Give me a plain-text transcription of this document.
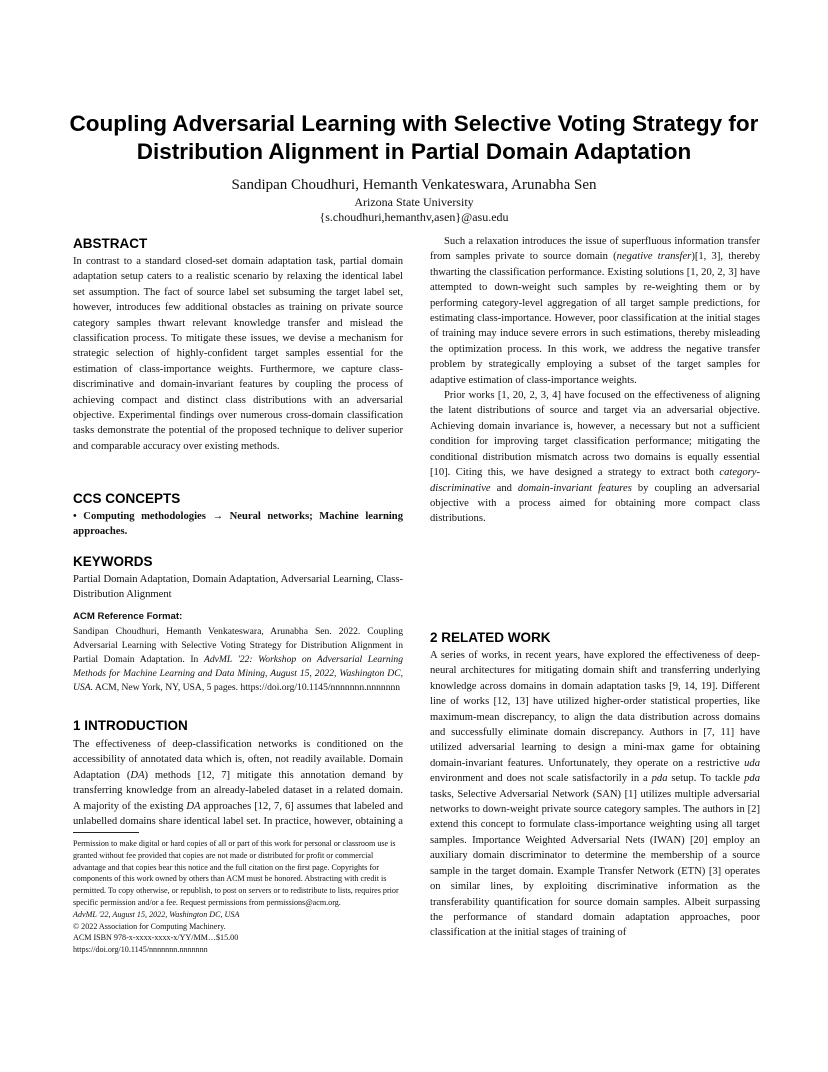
Coupling Adversarial Learning with Selective Voting Strategy for
Distribution Alignment in Partial Domain Adaptation
Sandipan Choudhuri, Hemanth Venkateswara, Arunabha Sen
Arizona State University
{s.choudhuri,hemanthv,asen}@asu.edu
ABSTRACT
In contrast to a standard closed-set domain adaptation task, partial domain adaptation setup caters to a realistic scenario by relaxing the identical label set assumption. The fact of source label set subsuming the target label set, however, introduces few additional obstacles as training on private source category samples thwart relevant knowledge transfer and mislead the classification process. To mitigate these issues, we devise a mechanism for strategic selection of highly-confident target samples essential for the estimation of class-importance weights. Furthermore, we capture class-discriminative and domain-invariant features by coupling the process of achieving compact and distinct class distributions with an adversarial objective. Experimental findings over numerous cross-domain classification tasks demonstrate the potential of the proposed technique to deliver superior and comparable accuracy over existing methods.
CCS CONCEPTS
• Computing methodologies → Neural networks; Machine learning approaches.
KEYWORDS
Partial Domain Adaptation, Domain Adaptation, Adversarial Learning, Class-Distribution Alignment
ACM Reference Format:
Sandipan Choudhuri, Hemanth Venkateswara, Arunabha Sen. 2022. Coupling Adversarial Learning with Selective Voting Strategy for Distribution Alignment in Partial Domain Adaptation. In AdvML '22: Workshop on Adversarial Learning Methods for Machine Learning and Data Mining, August 15, 2022, Washington DC, USA. ACM, New York, NY, USA, 5 pages. https://doi.org/10.1145/nnnnnnn.nnnnnnn
1 INTRODUCTION
The effectiveness of deep-classification networks is conditioned on the accessibility of annotated data which is, often, not readily available. Domain Adaptation (DA) methods [12, 7] mitigate this annotation demand by transferring knowledge from an already-labeled dataset in a related domain. A majority of the existing DA approaches [12, 7, 6] assumes that labeled and unlabelled domains share identical label set. In practice, however, obtaining a

Permission to make digital or hard copies of all or part of this work for personal or classroom use is granted without fee provided that copies are not made or distributed for profit or commercial advantage and that copies bear this notice and the full citation on the first page. Copyrights for components of this work owned by others than ACM must be honored. Abstracting with credit is permitted. To copy otherwise, or republish, to post on servers or to redistribute to lists, requires prior specific permission and/or a fee. Request permissions from permissions@acm.org.

AdvML '22, August 15, 2022, Washington DC, USA

© 2022 Association for Computing Machinery.

ACM ISBN 978-x-xxxx-xxxx-x/YY/MM…$15.00

https://doi.org/10.1145/nnnnnnn.nnnnnnn

Such a relaxation introduces the issue of superfluous information transfer from samples private to source domain (negative transfer)[1, 3], thereby thwarting the classification performance. Existing solutions [1, 20, 2, 3] have attempted to down-weight such samples by re-weighting them or by performing category-level aggregation of all target sample predictions, for estimating class-importance. However, poor classification at the initial stages of training may induce severe errors in such estimations, thereby misleading the optimization process. In this work, we address the negative transfer problem by strategically employing a subset of the target samples for adaptive estimation of class-importance weights.

Prior works [1, 20, 2, 3, 4] have focused on the effectiveness of aligning the latent distributions of source and target via an adversarial objective. Achieving domain invariance is, however, a necessary but not a sufficient condition for improving target classification performance; mitigating the conditional distribution mismatch across two domains is equally essential [10]. Citing this, we have designed a strategy to extract both category-discriminative and domain-invariant features by coupling an adversarial objective with a process aimed for obtaining more compact class distributions.

2 RELATED WORK
A series of works, in recent years, have explored the effectiveness of deep-neural architectures for mitigating domain shift and transferring underlying knowledge across domains in domain adaptation tasks [9, 14, 19]. Different line of works [12, 13] have utilized higher-order statistical properties, like maximum-mean discrepancy, to align the data distribution across domains and successfully eliminate domain discrepancy. Authors in [7, 11] have utilized adversarial learning to design a mini-max game for obtaining domain-invariant features. Unfortunately, they operate on a restrictive uda environment and does not scale satisfactorily in a pda setup. To tackle pda tasks, Selective Adversarial Network (SAN) [1] utilizes multiple adversarial networks to down-weight private source category samples. The authors in [2] extend this concept to formulate class-importance weighting using all target samples. Importance Weighted Adversarial Nets (IWAN) [20] employ an auxiliary domain discriminator to determine the membership of a source sample in the target domain. Example Transfer Network (ETN) [3] operates on similar lines, by exploiting discriminative information as the transferability quantification for source domain samples. Albeit surpassing the performance of standard domain adaptation approaches, poor classification at the initial stages of training of
